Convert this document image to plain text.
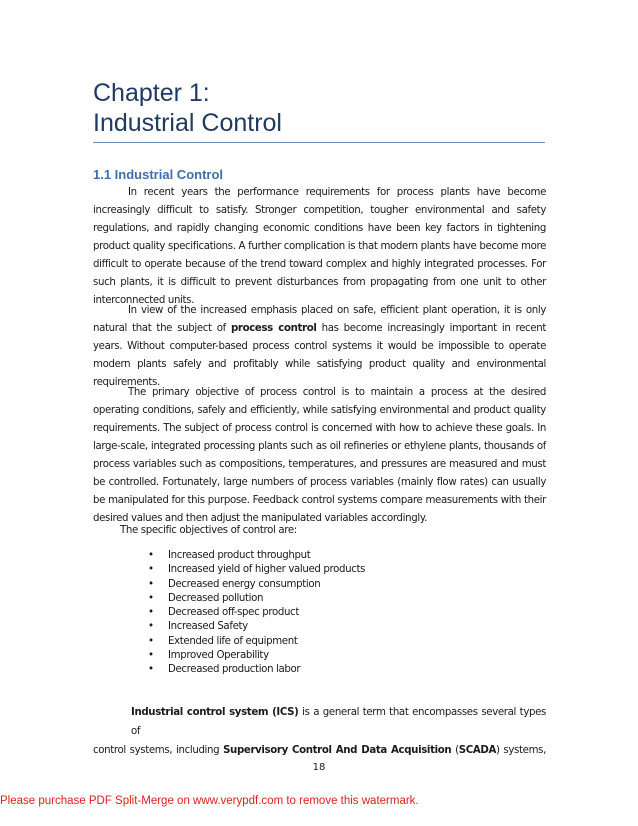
Chapter 1:
Industrial Control
1.1 Industrial Control
In recent years the performance requirements for process plants have become increasingly difficult to satisfy. Stronger competition, tougher environmental and safety regulations, and rapidly changing economic conditions have been key factors in tightening product quality specifications. A further complication is that modern plants have become more difficult to operate because of the trend toward complex and highly integrated processes. For such plants, it is difficult to prevent disturbances from propagating from one unit to other interconnected units.
In view of the increased emphasis placed on safe, efficient plant operation, it is only natural that the subject of process control has become increasingly important in recent years. Without computer-based process control systems it would be impossible to operate modern plants safely and profitably while satisfying product quality and environmental requirements.
The primary objective of process control is to maintain a process at the desired operating conditions, safely and efficiently, while satisfying environmental and product quality requirements. The subject of process control is concerned with how to achieve these goals. In large-scale, integrated processing plants such as oil refineries or ethylene plants, thousands of process variables such as compositions, temperatures, and pressures are measured and must be controlled. Fortunately, large numbers of process variables (mainly flow rates) can usually be manipulated for this purpose. Feedback control systems compare measurements with their desired values and then adjust the manipulated variables accordingly.
The specific objectives of control are:
• Increased product throughput
• Increased yield of higher valued products
• Decreased energy consumption
• Decreased pollution
• Decreased off-spec product
• Increased Safety
• Extended life of equipment
• Improved Operability
• Decreased production labor
Industrial control system (ICS) is a general term that encompasses several types of
control systems, including Supervisory Control And Data Acquisition (SCADA) systems,
18
Please purchase PDF Split-Merge on www.verypdf.com to remove this watermark.
